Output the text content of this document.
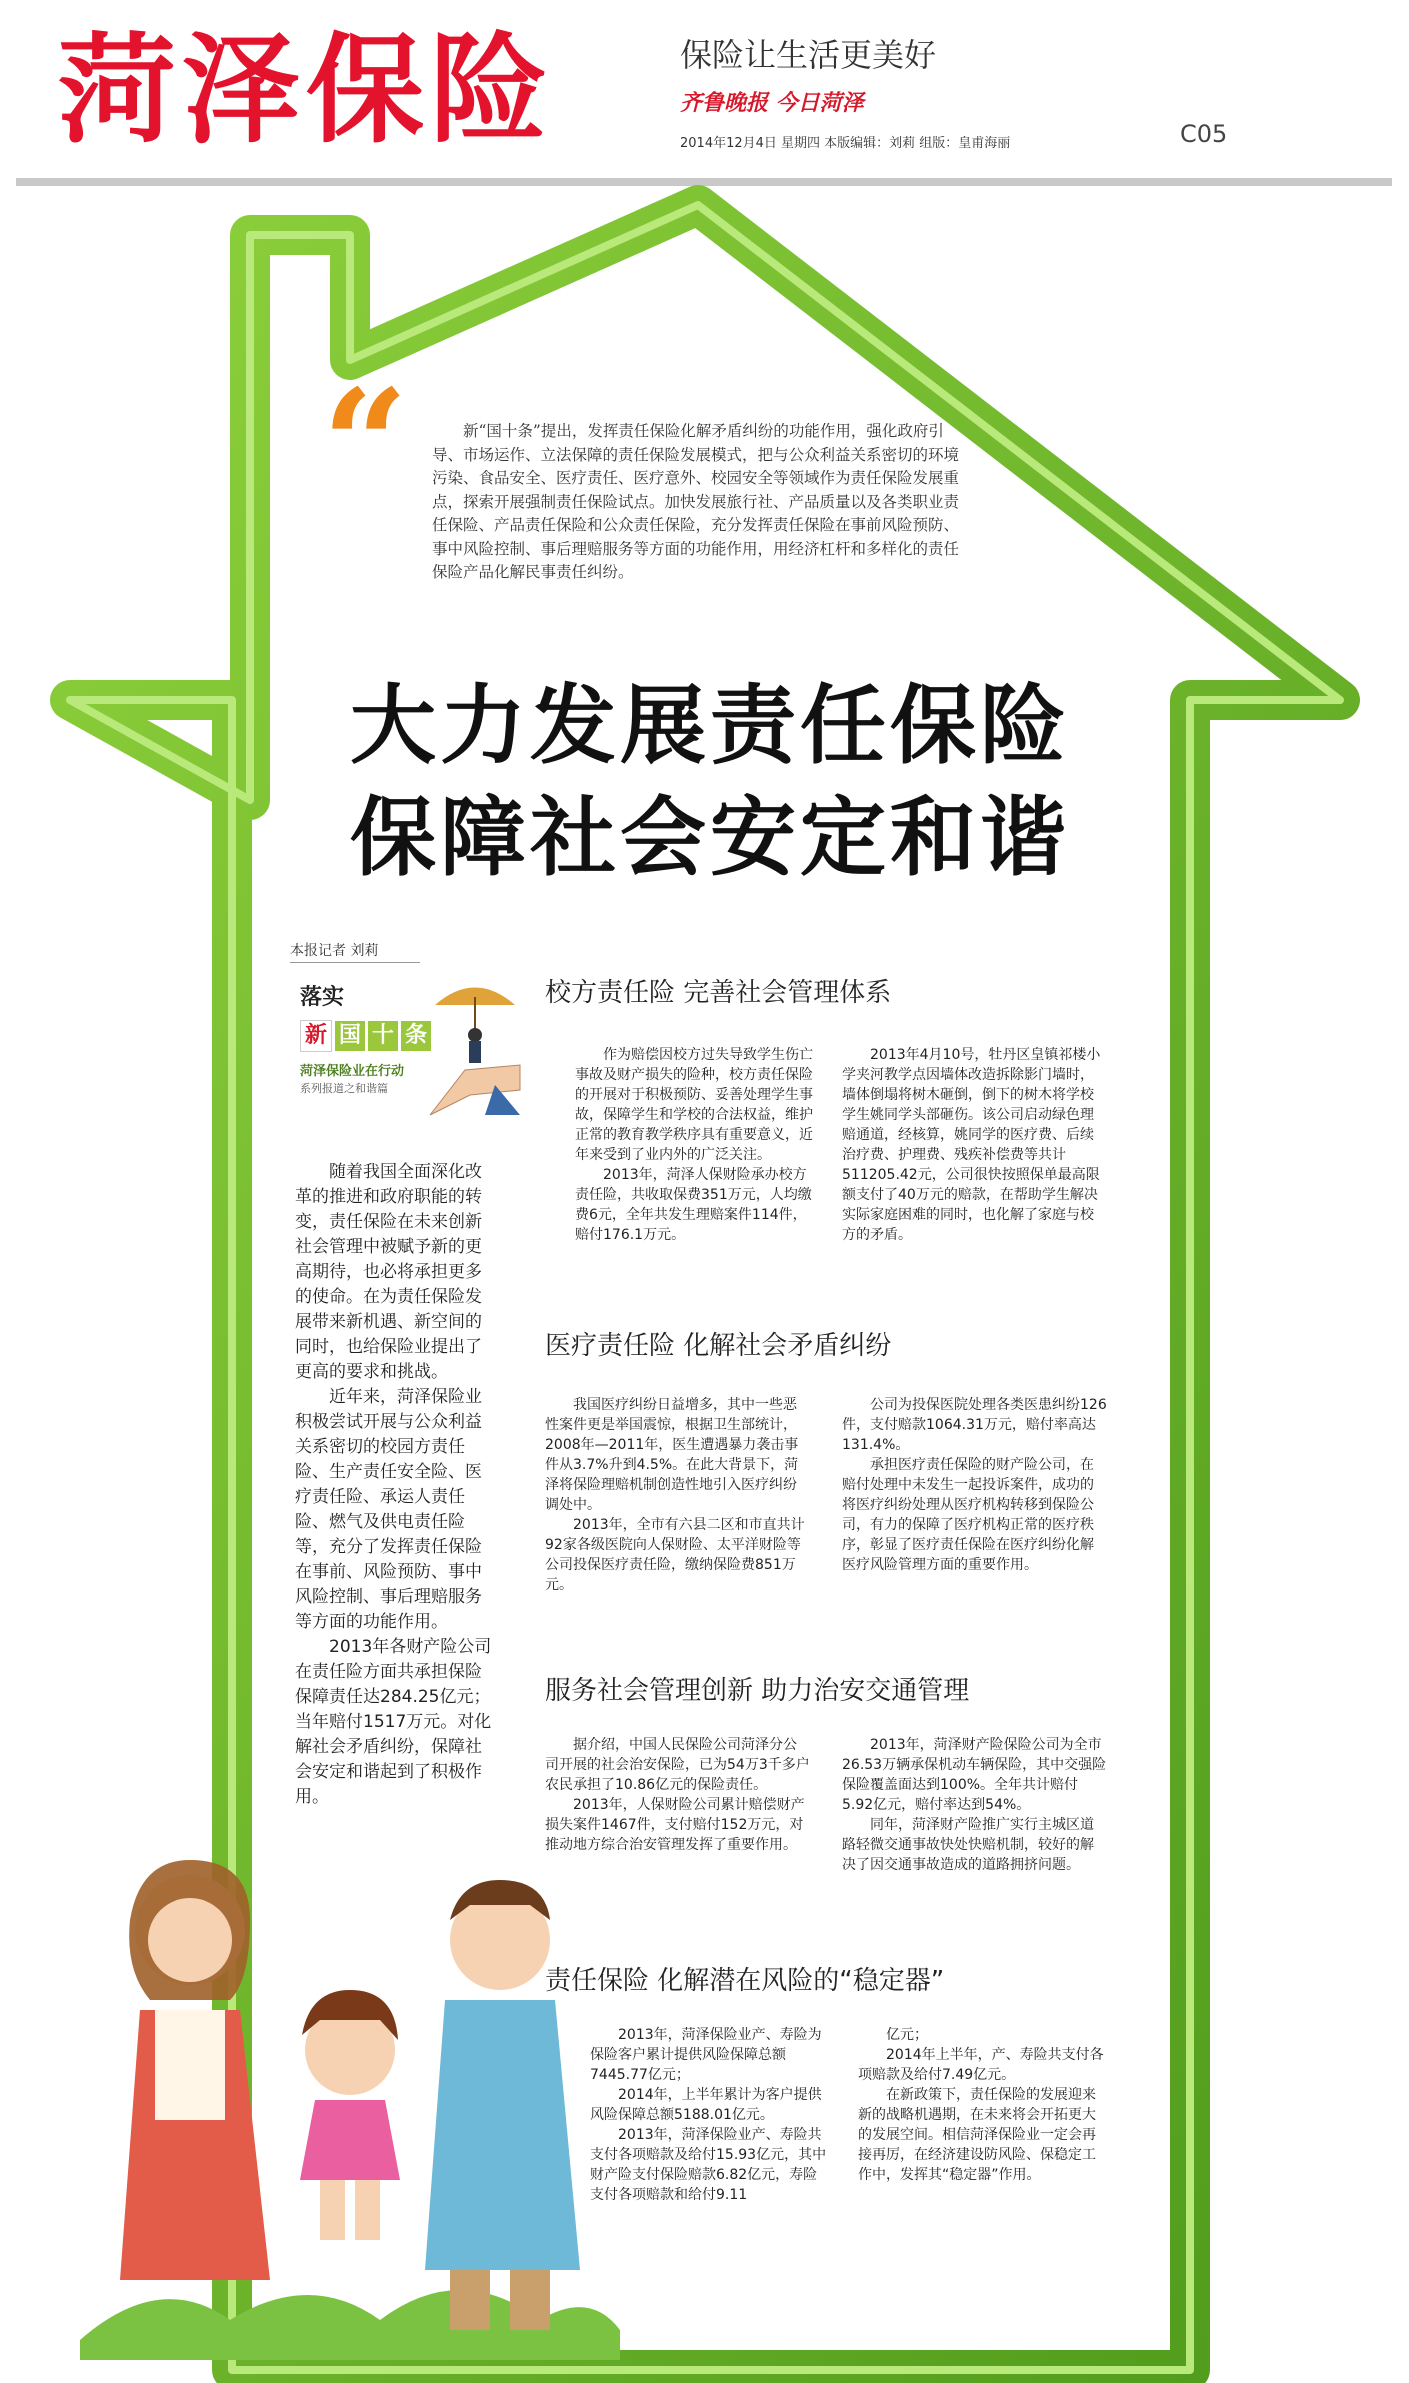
菏泽保险	保险让生活更美好
齐鲁晚报 今日菏泽
2014年12月4日 星期四 本版编辑：刘莉 组版：皇甫海丽	C05
“	新“国十条”提出，发挥责任保险化解矛盾纠纷的功能作用，强化政府引导、市场运作、立法保障的责任保险发展模式，把与公众利益关系密切的环境污染、食品安全、医疗责任、医疗意外、校园安全等领域作为责任保险发展重点，探索开展强制责任保险试点。加快发展旅行社、产品质量以及各类职业责任保险、产品责任保险和公众责任保险，充分发挥责任保险在事前风险预防、事中风险控制、事后理赔服务等方面的功能作用，用经济杠杆和多样化的责任保险产品化解民事责任纠纷。
大力发展责任保险
保障社会安定和谐
本报记者 刘莉
落实
新 国 十 条
菏泽保险业在行动
系列报道之和谐篇

随着我国全面深化改革的推进和政府职能的转变，责任保险在未来创新社会管理中被赋予新的更高期待，也必将承担更多的使命。在为责任保险发展带来新机遇、新空间的同时，也给保险业提出了更高的要求和挑战。

近年来，菏泽保险业积极尝试开展与公众利益关系密切的校园方责任险、生产责任安全险、医疗责任险、承运人责任险、燃气及供电责任险等，充分了发挥责任保险在事前、风险预防、事中风险控制、事后理赔服务等方面的功能作用。

2013年各财产险公司在责任险方面共承担保险保障责任达284.25亿元；当年赔付1517万元。对化解社会矛盾纠纷，保障社会安定和谐起到了积极作用。

校方责任险 完善社会管理体系

作为赔偿因校方过失导致学生伤亡事故及财产损失的险种，校方责任保险的开展对于积极预防、妥善处理学生事故，保障学生和学校的合法权益，维护正常的教育教学秩序具有重要意义，近年来受到了业内外的广泛关注。

2013年，菏泽人保财险承办校方责任险，共收取保费351万元，人均缴费6元，全年共发生理赔案件114件，赔付176.1万元。

2013年4月10号，牡丹区皇镇祁楼小学夹河教学点因墙体改造拆除影门墙时，墙体倒塌将树木砸倒，倒下的树木将学校学生姚同学头部砸伤。该公司启动绿色理赔通道，经核算，姚同学的医疗费、后续治疗费、护理费、残疾补偿费等共计511205.42元，公司很快按照保单最高限额支付了40万元的赔款，在帮助学生解决实际家庭困难的同时，也化解了家庭与校方的矛盾。

医疗责任险 化解社会矛盾纠纷

我国医疗纠纷日益增多，其中一些恶性案件更是举国震惊，根据卫生部统计，2008年—2011年，医生遭遇暴力袭击事件从3.7%升到4.5%。在此大背景下，菏泽将保险理赔机制创造性地引入医疗纠纷调处中。

2013年，全市有六县二区和市直共计92家各级医院向人保财险、太平洋财险等公司投保医疗责任险，缴纳保险费851万元。

公司为投保医院处理各类医患纠纷126件，支付赔款1064.31万元，赔付率高达131.4%。

承担医疗责任保险的财产险公司，在赔付处理中未发生一起投诉案件，成功的将医疗纠纷处理从医疗机构转移到保险公司，有力的保障了医疗机构正常的医疗秩序，彰显了医疗责任保险在医疗纠纷化解医疗风险管理方面的重要作用。

服务社会管理创新 助力治安交通管理

据介绍，中国人民保险公司菏泽分公司开展的社会治安保险，已为54万3千多户农民承担了10.86亿元的保险责任。

2013年，人保财险公司累计赔偿财产损失案件1467件，支付赔付152万元，对推动地方综合治安管理发挥了重要作用。

2013年，菏泽财产险保险公司为全市26.53万辆承保机动车辆保险，其中交强险保险覆盖面达到100%。全年共计赔付5.92亿元，赔付率达到54%。

同年，菏泽财产险推广实行主城区道路轻微交通事故快处快赔机制，较好的解决了因交通事故造成的道路拥挤问题。

责任保险 化解潜在风险的“稳定器”

2013年，菏泽保险业产、寿险为保险客户累计提供风险保障总额7445.77亿元；

2014年，上半年累计为客户提供风险保障总额5188.01亿元。

2013年，菏泽保险业产、寿险共支付各项赔款及给付15.93亿元，其中财产险支付保险赔款6.82亿元，寿险支付各项赔款和给付9.11

亿元；

2014年上半年，产、寿险共支付各项赔款及给付7.49亿元。

在新政策下，责任保险的发展迎来新的战略机遇期，在未来将会开拓更大的发展空间。相信菏泽保险业一定会再接再厉，在经济建设防风险、保稳定工作中，发挥其“稳定器”作用。
